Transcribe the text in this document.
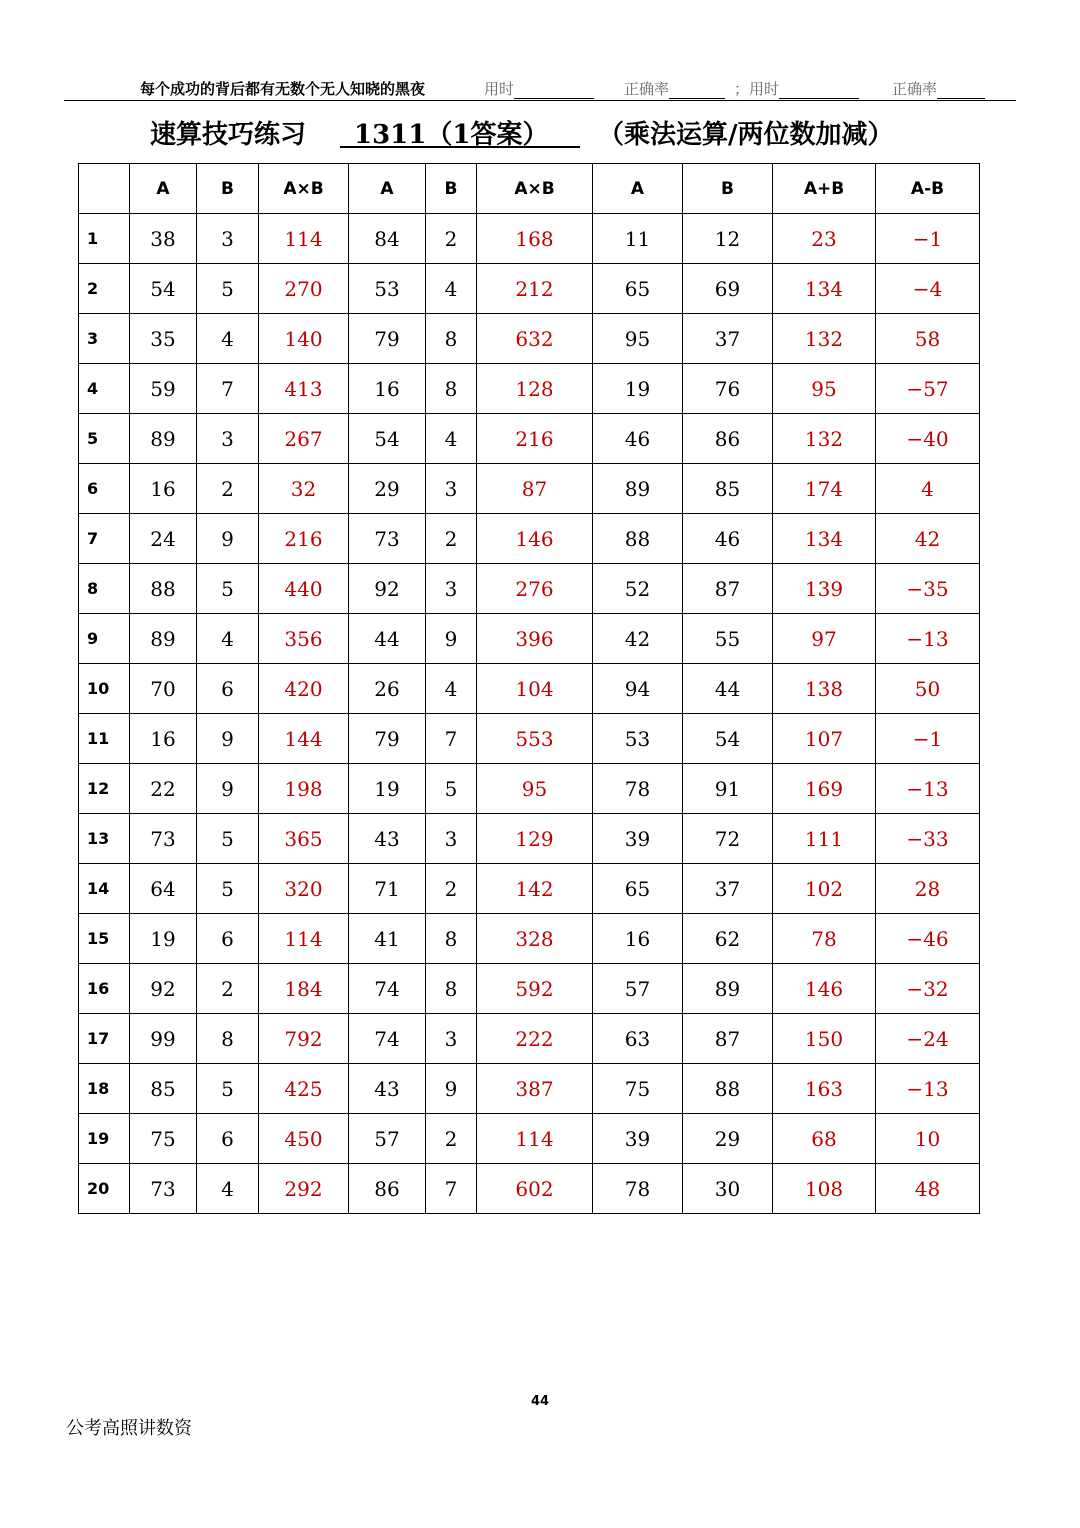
每个成功的背后都有无数个无人知晓的黑夜	用时	正确率	；用时	正确率
速算技巧练习	1311（1答案）	（乘法运算/两位数加减）
	A	B	A×B	A	B	A×B	A	B	A+B	A-B
1	38	3	114	84	2	168	11	12	23	−1
2	54	5	270	53	4	212	65	69	134	−4
3	35	4	140	79	8	632	95	37	132	58
4	59	7	413	16	8	128	19	76	95	−57
5	89	3	267	54	4	216	46	86	132	−40
6	16	2	32	29	3	87	89	85	174	4
7	24	9	216	73	2	146	88	46	134	42
8	88	5	440	92	3	276	52	87	139	−35
9	89	4	356	44	9	396	42	55	97	−13
10	70	6	420	26	4	104	94	44	138	50
11	16	9	144	79	7	553	53	54	107	−1
12	22	9	198	19	5	95	78	91	169	−13
13	73	5	365	43	3	129	39	72	111	−33
14	64	5	320	71	2	142	65	37	102	28
15	19	6	114	41	8	328	16	62	78	−46
16	92	2	184	74	8	592	57	89	146	−32
17	99	8	792	74	3	222	63	87	150	−24
18	85	5	425	43	9	387	75	88	163	−13
19	75	6	450	57	2	114	39	29	68	10
20	73	4	292	86	7	602	78	30	108	48
44
公考高照讲数资
